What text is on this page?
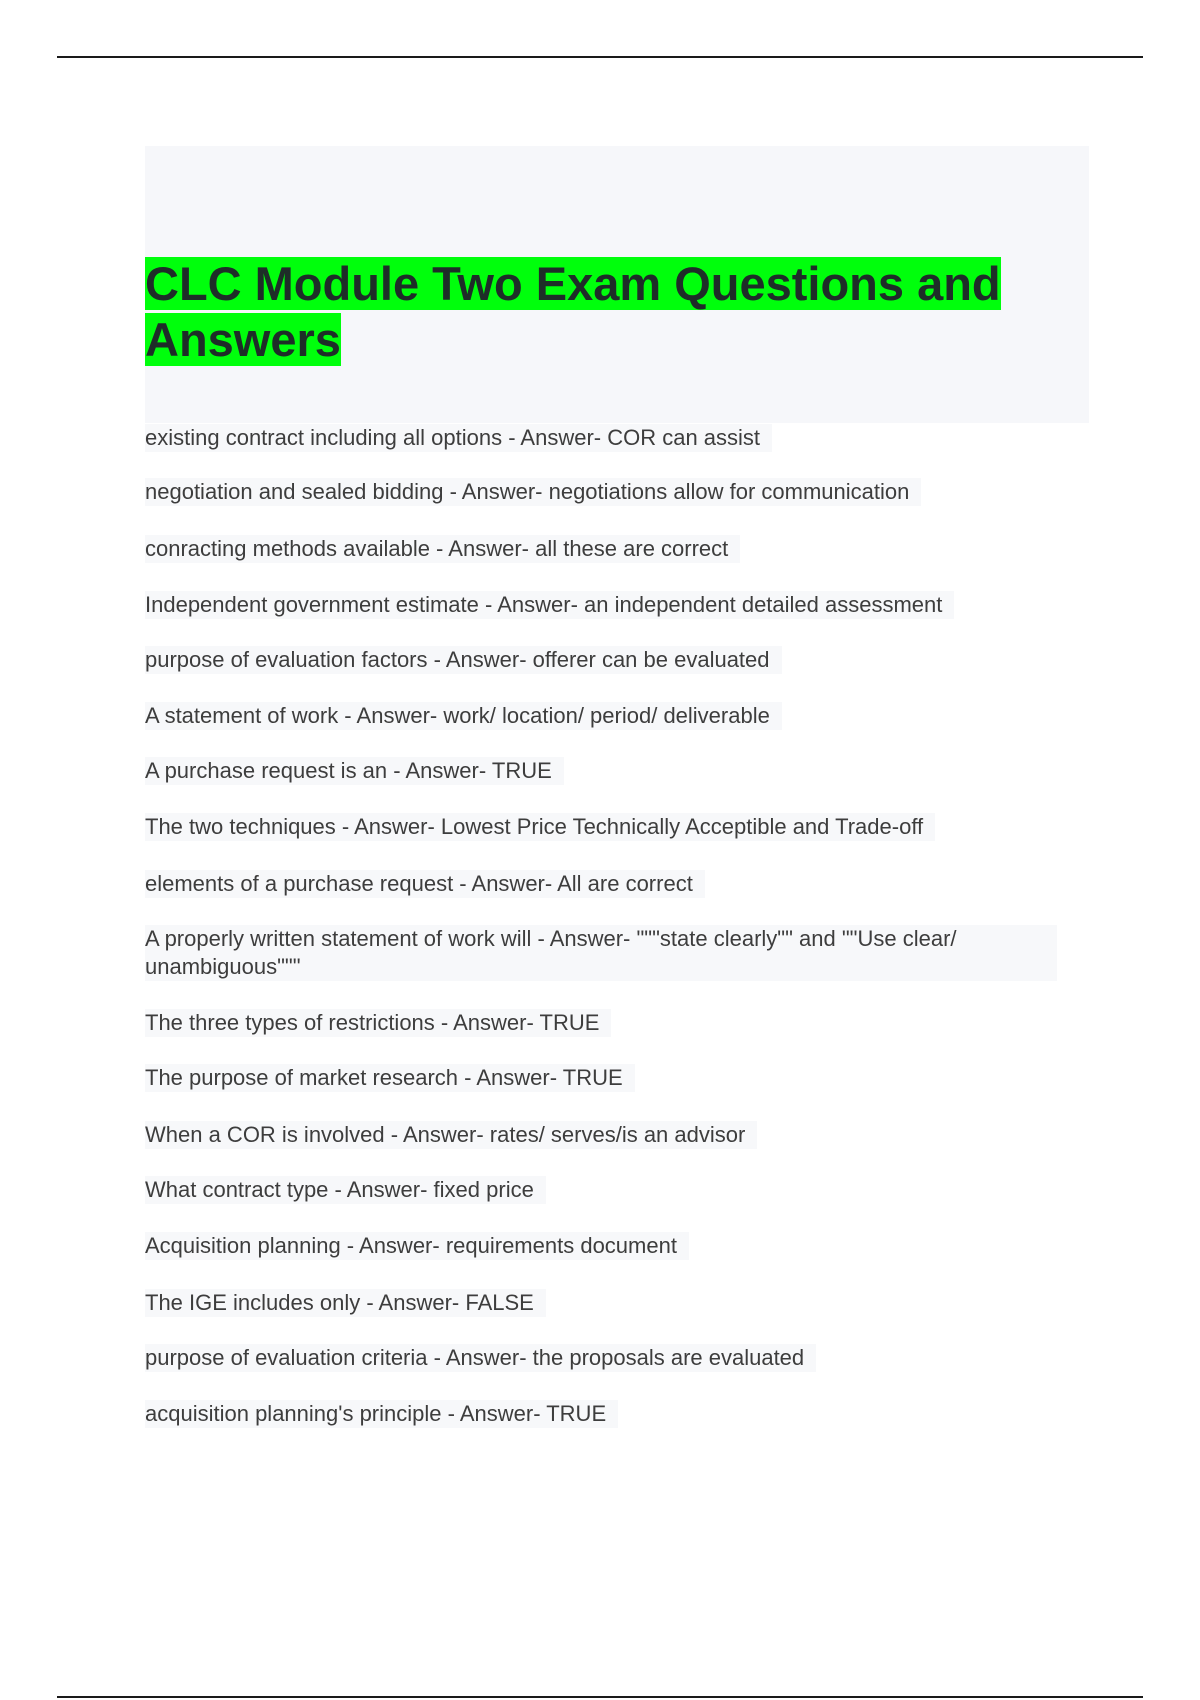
CLC Module Two Exam Questions and Answers
existing contract including all options - Answer- COR can assist
negotiation and sealed bidding - Answer- negotiations allow for communication
conracting methods available - Answer- all these are correct
Independent government estimate - Answer- an independent detailed assessment
purpose of evaluation factors - Answer- offerer can be evaluated
A statement of work - Answer- work/ location/ period/ deliverable
A purchase request is an - Answer- TRUE
The two techniques - Answer- Lowest Price Technically Acceptible and Trade-off
elements of a purchase request - Answer- All are correct
A properly written statement of work will - Answer- """state clearly"" and ""Use clear/ unambiguous"""
The three types of restrictions - Answer- TRUE
The purpose of market research - Answer- TRUE
When a COR is involved - Answer- rates/ serves/is an advisor
What contract type - Answer- fixed price
Acquisition planning - Answer- requirements document
The IGE includes only - Answer- FALSE
purpose of evaluation criteria - Answer- the proposals are evaluated
acquisition planning's principle - Answer- TRUE
